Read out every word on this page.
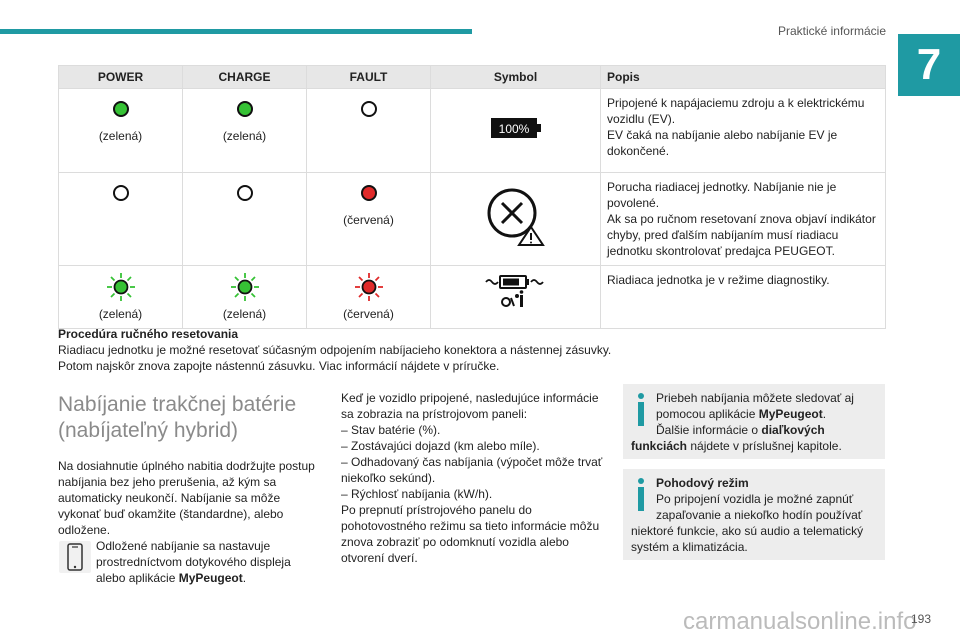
Praktické informácie
7
POWER	CHARGE	FAULT	Symbol	Popis

(zelená)	(zelená)		100%	Pripojené k napájaciemu zdroju a k elektrickému vozidlu (EV).
EV čaká na nabíjanie alebo nabíjanie EV je dokončené.

		(červená)		Porucha riadiacej jednotky. Nabíjanie nie je povolené.
Ak sa po ručnom resetovaní znova objaví indikátor chyby, pred ďalším nabíjaním musí riadiacu jednotku skontrolovať predajca PEUGEOT.

(zelená)	(zelená)	(červená)		Riadiaca jednotka je v režime diagnostiky.
Procedúra ručného resetovania
Riadiacu jednotku je možné resetovať súčasným odpojením nabíjacieho konektora a nástennej zásuvky.
Potom najskôr znova zapojte nástennú zásuvku. Viac informácií nájdete v príručke.
Nabíjanie trakčnej batérie (nabíjateľný hybrid)

Na dosiahnutie úplného nabitia dodržujte postup nabíjania bez jeho prerušenia, až kým sa automaticky neukončí. Nabíjanie sa môže vykonať buď okamžite (štandardne), alebo odložene.

Odložené nabíjanie sa nastavuje prostredníctvom dotykového displeja alebo aplikácie MyPeugeot.

Keď je vozidlo pripojené, nasledujúce informácie sa zobrazia na prístrojovom paneli:

– Stav batérie (%).

– Zostávajúci dojazd (km alebo míle).

– Odhadovaný čas nabíjania (výpočet môže trvať niekoľko sekúnd).

– Rýchlosť nabíjania (kW/h).

Po prepnutí prístrojového panelu do pohotovostného režimu sa tieto informácie môžu znova zobraziť po odomknutí vozidla alebo otvorení dverí.

Priebeh nabíjania môžete sledovať aj pomocou aplikácie MyPeugeot.
Ďalšie informácie o diaľkových funkciách nájdete v príslušnej kapitole.
Pohodový režim
Po pripojení vozidla je možné zapnúť zapaľovanie a niekoľko hodín používať niektoré funkcie, ako sú audio a telematický systém a klimatizácia.
carmanualsonline.info
193
